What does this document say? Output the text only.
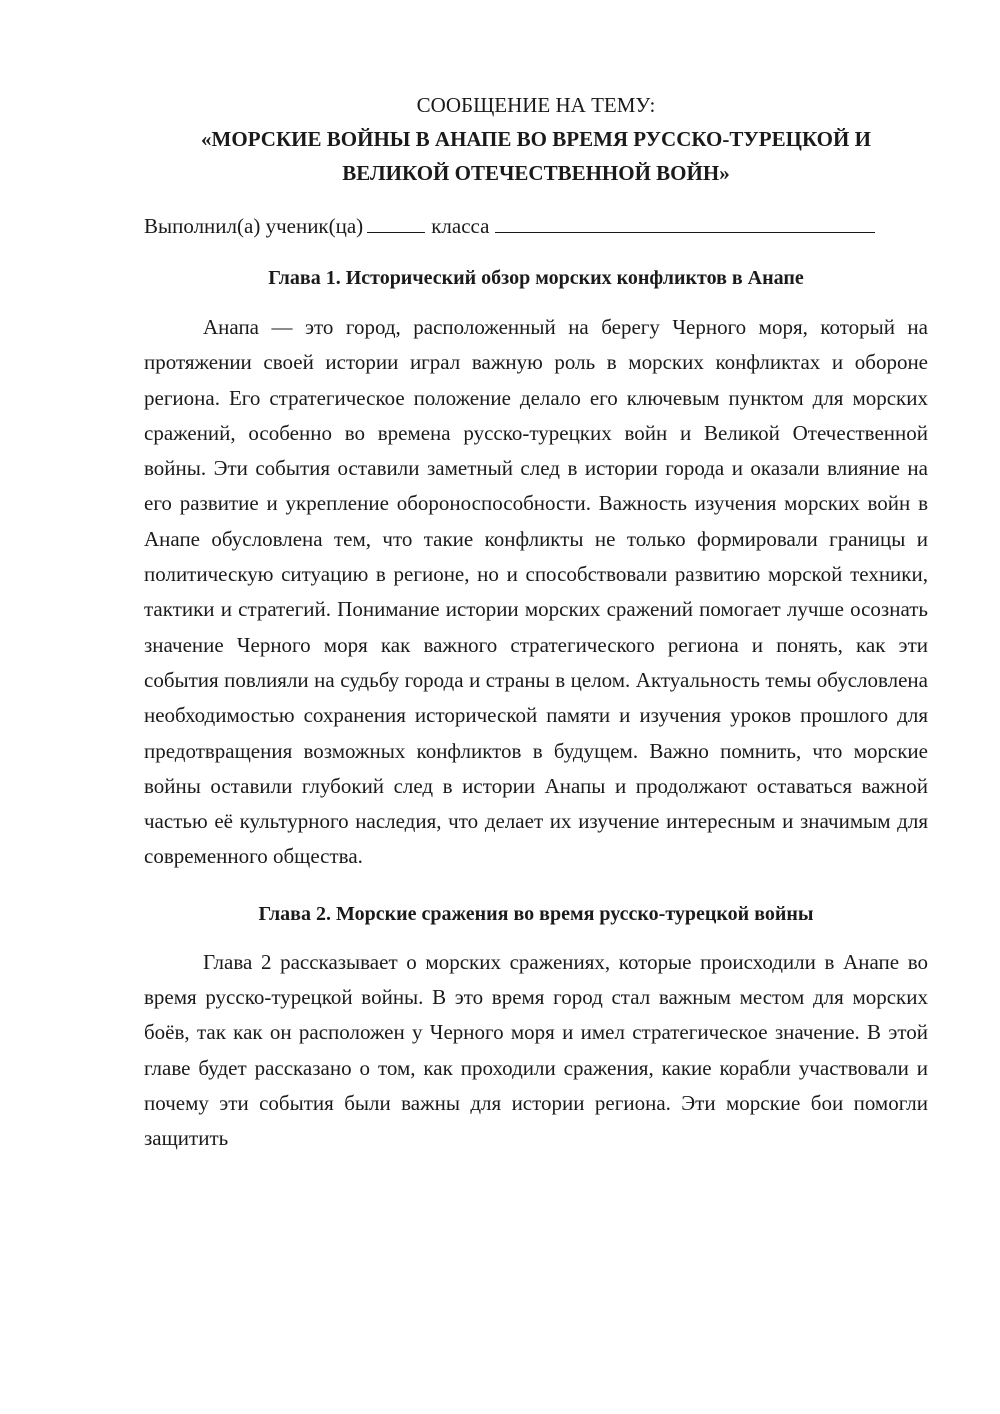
СООБЩЕНИЕ НА ТЕМУ:

«МОРСКИЕ ВОЙНЫ В АНАПЕ ВО ВРЕМЯ РУССКО-ТУРЕЦКОЙ И

ВЕЛИКОЙ ОТЕЧЕСТВЕННОЙ ВОЙН»

Выполнил(а) ученик(ца)	класса
Глава 1. Исторический обзор морских конфликтов в Анапе

Анапа — это город, расположенный на берегу Черного моря, который на протяжении своей истории играл важную роль в морских конфликтах и обороне региона. Его стратегическое положение делало его ключевым пунктом для морских сражений, особенно во времена русско-турецких войн и Великой Отечественной войны. Эти события оставили заметный след в истории города и оказали влияние на его развитие и укрепление обороноспособности. Важность изучения морских войн в Анапе обусловлена тем, что такие конфликты не только формировали границы и политическую ситуацию в регионе, но и способствовали развитию морской техники, тактики и стратегий. Понимание истории морских сражений помогает лучше осознать значение Черного моря как важного стратегического региона и понять, как эти события повлияли на судьбу города и страны в целом. Актуальность темы обусловлена необходимостью сохранения исторической памяти и изучения уроков прошлого для предотвращения возможных конфликтов в будущем. Важно помнить, что морские войны оставили глубокий след в истории Анапы и продолжают оставаться важной частью её культурного наследия, что делает их изучение интересным и значимым для современного общества.

Глава 2. Морские сражения во время русско-турецкой войны

Глава 2 рассказывает о морских сражениях, которые происходили в Анапе во время русско-турецкой войны. В это время город стал важным местом для морских боёв, так как он расположен у Черного моря и имел стратегическое значение. В этой главе будет рассказано о том, как проходили сражения, какие корабли участвовали и почему эти события были важны для истории региона. Эти морские бои помогли защитить
